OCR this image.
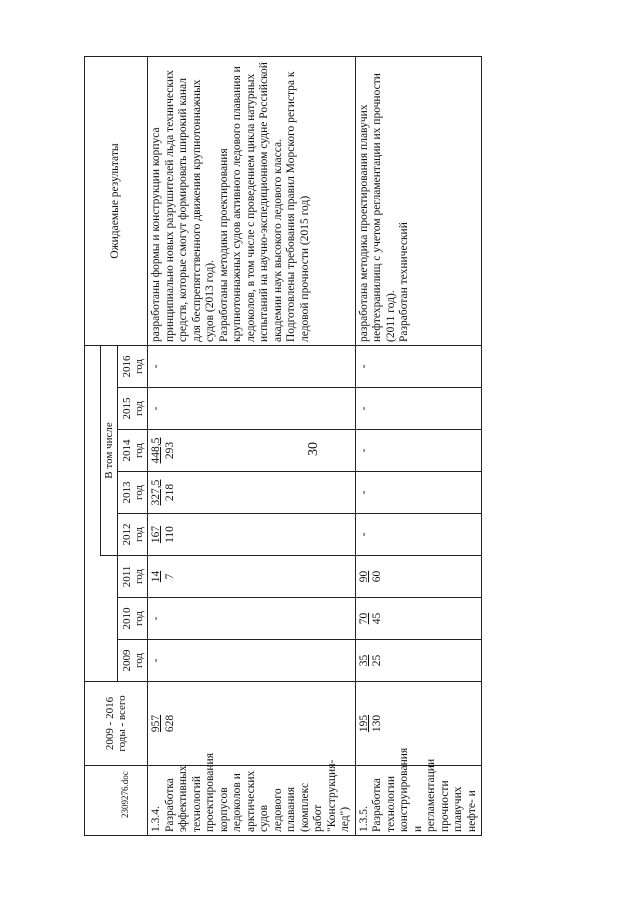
30
	2009 - 2016 годы - всего									Ожидаемые результаты
					В том числе					
		2009 год	2010 год	2011 год	2012 год	2013 год	2014 год	2015 год	2016 год	
1.3.4. Разработка эффективных технологий проектирования корпусов ледоколов и арктических судов ледового плавания (комплекс работ "Конструкция-лед")	957 628	-	-	14 7	167 110	327,5 218	448,5 293	-	-	разработаны формы и конструкции корпуса принципиально новых разрушителей льда технических средств, которые смогут формировать широкий канал для беспрепятственного движения крупнотоннажных судов (2013 год).
Разработаны методики проектирования крупнотоннажных судов активного ледового плавания и ледоколов, в том числе с проведением цикла натурных испытаний на научно-экспедиционном судне Российской академии наук высокого ледового класса.
Подготовлены требования правил Морского регистра к ледовой прочности (2015 год)
1.3.5. Разработка технологии конструирования и регламентации прочности плавучих нефте- и	195 130	35 25	70 45	90 60	-	-	-	-	-	разработана методика проектирования плавучих нефтехранилищ с учетом регламентации их прочности (2011 год).
Разработан технический
2309276.doc
